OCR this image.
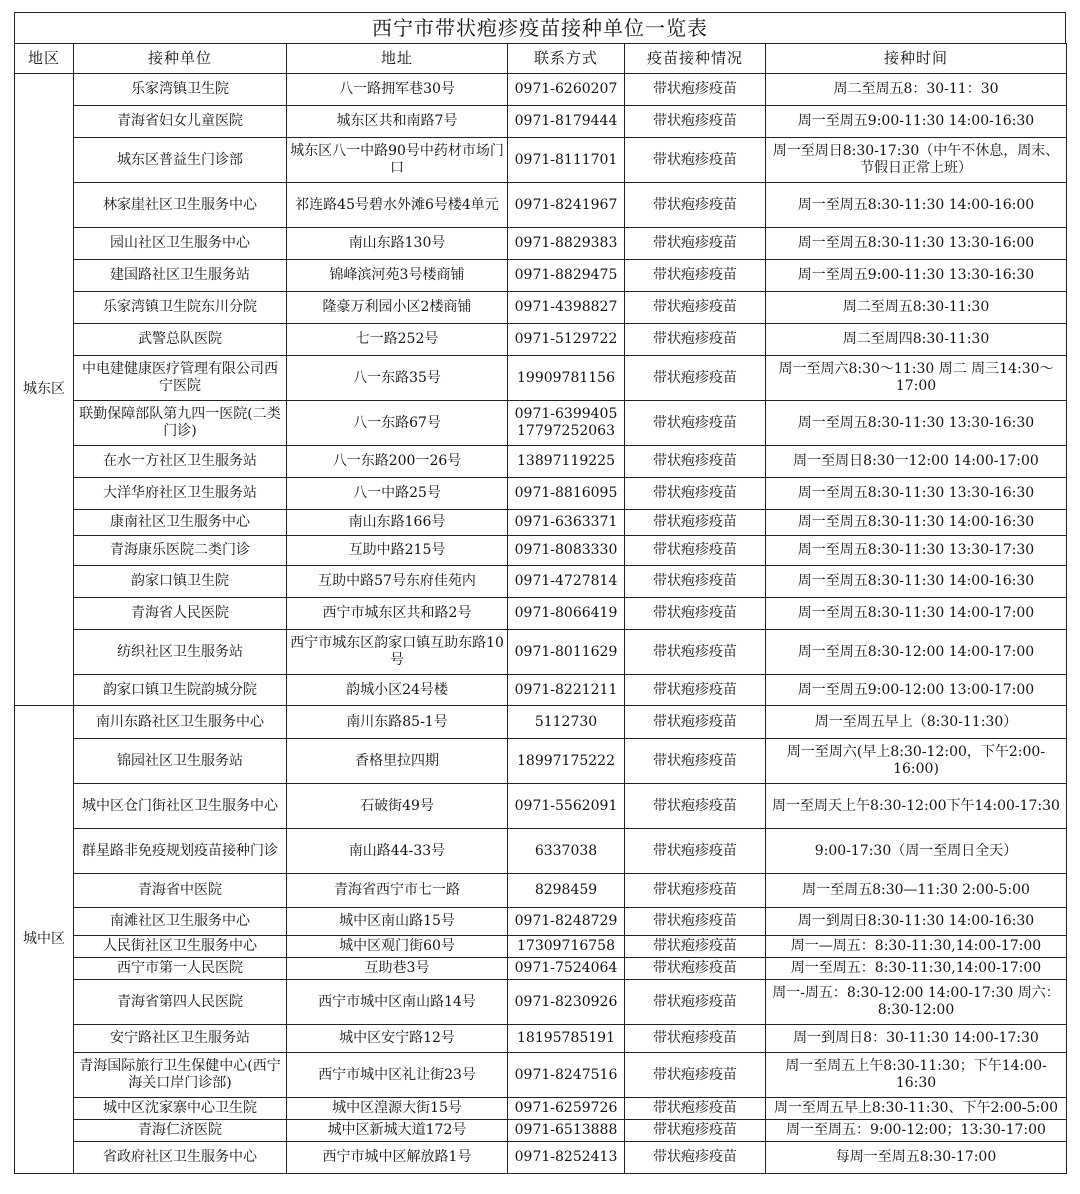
西宁市带状疱疹疫苗接种单位一览表
地区	接种单位	地址	联系方式	疫苗接种情况	接种时间
城东区	乐家湾镇卫生院	八一路拥军巷30号	0971-6260207	带状疱疹疫苗	周二至周五8：30-11：30
	青海省妇女儿童医院	城东区共和南路7号	0971-8179444	带状疱疹疫苗	周一至周五9:00-11:30 14:00-16:30
	城东区普益生门诊部	城东区八一中路90号中药材市场门口	0971-8111701	带状疱疹疫苗	周一至周日8:30-17:30（中午不休息，周末、节假日正常上班）
	林家崖社区卫生服务中心	祁连路45号碧水外滩6号楼4单元	0971-8241967	带状疱疹疫苗	周一至周五8:30-11:30 14:00-16:00
	园山社区卫生服务中心	南山东路130号	0971-8829383	带状疱疹疫苗	周一至周五8:30-11:30 13:30-16:00
	建国路社区卫生服务站	锦峰滨河苑3号楼商铺	0971-8829475	带状疱疹疫苗	周一至周五9:00-11:30 13:30-16:30
	乐家湾镇卫生院东川分院	隆豪万利园小区2楼商铺	0971-4398827	带状疱疹疫苗	周二至周五8:30-11:30
	武警总队医院	七一路252号	0971-5129722	带状疱疹疫苗	周二至周四8:30-11:30
	中电建健康医疗管理有限公司西宁医院	八一东路35号	19909781156	带状疱疹疫苗	周一至周六8:30～11:30 周二 周三14:30～17:00
	联勤保障部队第九四一医院(二类门诊)	八一东路67号	0971-6399405 17797252063	带状疱疹疫苗	周一至周五8:30-11:30 13:30-16:30
	在水一方社区卫生服务站	八一东路200一26号	13897119225	带状疱疹疫苗	周一至周日8:30一12:00 14:00-17:00
	大洋华府社区卫生服务站	八一中路25号	0971-8816095	带状疱疹疫苗	周一至周五8:30-11:30 13:30-16:30
	康南社区卫生服务中心	南山东路166号	0971-6363371	带状疱疹疫苗	周一至周五8:30-11:30 14:00-16:30
	青海康乐医院二类门诊	互助中路215号	0971-8083330	带状疱疹疫苗	周一至周五8:30-11:30 13:30-17:30
	韵家口镇卫生院	互助中路57号东府佳苑内	0971-4727814	带状疱疹疫苗	周一至周五8:30-11:30 14:00-16:30
	青海省人民医院	西宁市城东区共和路2号	0971-8066419	带状疱疹疫苗	周一至周五8:30-11:30 14:00-17:00
	纺织社区卫生服务站	西宁市城东区韵家口镇互助东路10号	0971-8011629	带状疱疹疫苗	周一至周五8:30-12:00 14:00-17:00
	韵家口镇卫生院韵城分院	韵城小区24号楼	0971-8221211	带状疱疹疫苗	周一至周五9:00-12:00 13:00-17:00
城中区	南川东路社区卫生服务中心	南川东路85-1号	5112730	带状疱疹疫苗	周一至周五早上（8:30-11:30）
	锦园社区卫生服务站	香格里拉四期	18997175222	带状疱疹疫苗	周一至周六(早上8:30-12:00，下午2:00-16:00)
	城中区仓门街社区卫生服务中心	石破街49号	0971-5562091	带状疱疹疫苗	周一至周天上午8:30-12:00下午14:00-17:30
	群星路非免疫规划疫苗接种门诊	南山路44-33号	6337038	带状疱疹疫苗	9:00-17:30（周一至周日全天）
	青海省中医院	青海省西宁市七一路	8298459	带状疱疹疫苗	周一至周五8:30—11:30 2:00-5:00
	南滩社区卫生服务中心	城中区南山路15号	0971-8248729	带状疱疹疫苗	周一到周日8:30-11:30 14:00-16:30
	人民街社区卫生服务中心	城中区观门街60号	17309716758	带状疱疹疫苗	周一—周五：8:30-11:30,14:00-17:00
	西宁市第一人民医院	互助巷3号	0971-7524064	带状疱疹疫苗	周一至周五：8:30-11:30,14:00-17:00
	青海省第四人民医院	西宁市城中区南山路14号	0971-8230926	带状疱疹疫苗	周一-周五：8:30-12:00 14:00-17:30 周六：8:30-12:00
	安宁路社区卫生服务站	城中区安宁路12号	18195785191	带状疱疹疫苗	周一到周日8：30-11:30 14:00-17:30
	青海国际旅行卫生保健中心(西宁海关口岸门诊部)	西宁市城中区礼让街23号	0971-8247516	带状疱疹疫苗	周一至周五上午8:30-11:30；下午14:00-16:30
	城中区沈家寨中心卫生院	城中区湟源大街15号	0971-6259726	带状疱疹疫苗	周一至周五早上8:30-11:30、下午2:00-5:00
	青海仁济医院	城中区新城大道172号	0971-6513888	带状疱疹疫苗	周一至周五：9:00-12:00；13:30-17:00
	省政府社区卫生服务中心	西宁市城中区解放路1号	0971-8252413	带状疱疹疫苗	每周一至周五8:30-17:00
